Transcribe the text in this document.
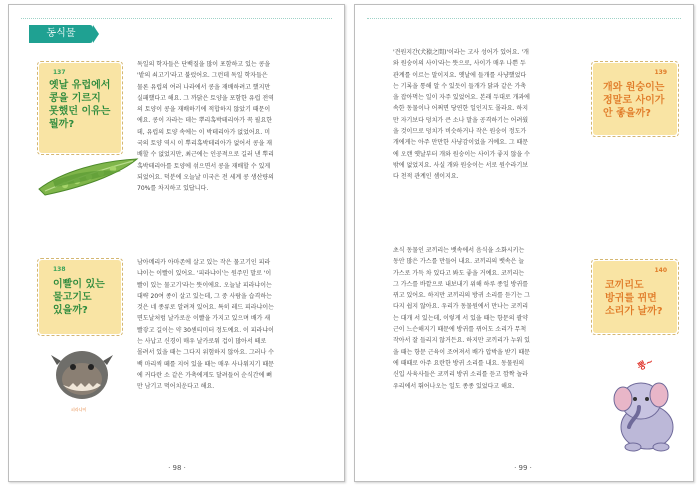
동식물
137
옛날 유럽에서
콩을 기르지
못했던 이유는
뭘까?
독일의 학자들은 단백질을 많이 포함하고 있는 콩을
'밭의 쇠고기'라고 불렀어요. 그런데 독일 학자들은
물론 유럽의 여러 나라에서 콩을 재배하려고 했지만
실패했다고 해요. 그 까닭은 토양을 포함한 유럽 전역
의 토양이 콩을 재배하기에 적합하지 않았기 때문이
에요. 콩이 자라는 데는 뿌리혹박테리아가 꼭 필요한
데, 유럽의 토양 속에는 이 박테리아가 없었어요. 미
국의 토양 역시 이 뿌리혹박테리아가 없어서 콩을 재
배할 수 없었지만, 최근에는 인공적으로 길러 낸 뿌리
혹박테리아를 토양에 섞으면서 콩을 재배할 수 있게
되었어요. 덕분에 오늘날 미국은 전 세계 콩 생산량의
70%를 차지하고 있답니다.
138
이빨이 있는
물고기도
있을까?
피라냐이
남아메리카 아마존에 살고 있는 작은 물고기인 피라
냐이는 이빨이 있어요. '피라냐이'는 원주민 말로 '이
빨이 있는 물고기'라는 뜻이에요. 오늘날 피라냐이는
대략 20여 종이 살고 있는데, 그 중 사람을 습격하는
것은 네 종류로 알려져 있어요. 특히 레드 피라냐이는
면도날처럼 날카로운 이빨을 가지고 있으며 배가 새
빨갛고 길이는 약 30센티미터 정도예요. 이 피라냐이
는 사납고 신경이 매우 날카로워 겁이 많아서 떼로
몰려서 있을 때는 그다지 위험하지 않아요. 그러나 수
백 마리씩 떼를 지어 있을 때는 매우 사나워지기 때문
에 커다란 소 같은 가축에게도 달려들어 순식간에 뼈
만 남기고 먹어치운다고 해요.
· 98 ·
'견원지간(犬猿之間)'이라는 고사 성어가 있어요. '개
와 원숭이의 사이'라는 뜻으로, 사이가 매우 나쁜 두
관계를 이르는 말이지요. 옛날에 들개를 사냥했었다
는 기록을 통해 알 수 있듯이 들개가 닭과 같은 가축
을 잡아먹는 일이 자주 있었어요. 본래 두대로 개과에
속한 동물이나 어쩌면 당연한 일인지도 몰라요. 하지
만 자기보다 덩치가 큰 소나 말을 공격하기는 어려웠
을 것이므로 덩치가 비슷하거나 작은 원숭이 정도가
개에게는 아주 만만한 사냥감이었을 거예요. 그 때문
에 오랜 옛날부터 개와 원숭이는 사이가 좋지 않을 수
밖에 없었지요. 사실 개와 원숭이는 서로 원수라기보
다 천적 관계인 셈이지요.
139
개와 원숭이는
정말로 사이가
안 좋을까?
초식 동물인 코끼리는 뱃속에서 음식을 소화시키는
동안 많은 가스를 만들어 내요. 코끼리의 뱃속은 늘
가스로 가득 차 있다고 봐도 좋을 거예요. 코끼리는
그 가스를 바깥으로 내보내기 위해 하루 종일 방귀를
뀌고 있어요. 하지만 코끼리의 방귀 소리를 듣기는 그
다지 쉽지 않아요. 우리가 동물원에서 만나는 코끼리
는 대개 서 있는데, 이렇게 서 있을 때는 항문의 괄약
근이 느슨해지기 때문에 방귀를 뀌어도 소리가 무척
작아서 잘 들리지 않거든요. 하지만 코끼리가 누워 있
을 때는 항문 근육이 조여져서 배가 압박을 받기 때문
에 때때로 아주 요란한 방귀 소리를 내요. 동물원의
신입 사육사들은 코끼리 방귀 소리를 듣고 깜짝 놀라
우리에서 뛰어나오는 일도 종종 있었다고 해요.
140
코끼리도
방귀를 뀌면
소리가 날까?
뽕~
· 99 ·
